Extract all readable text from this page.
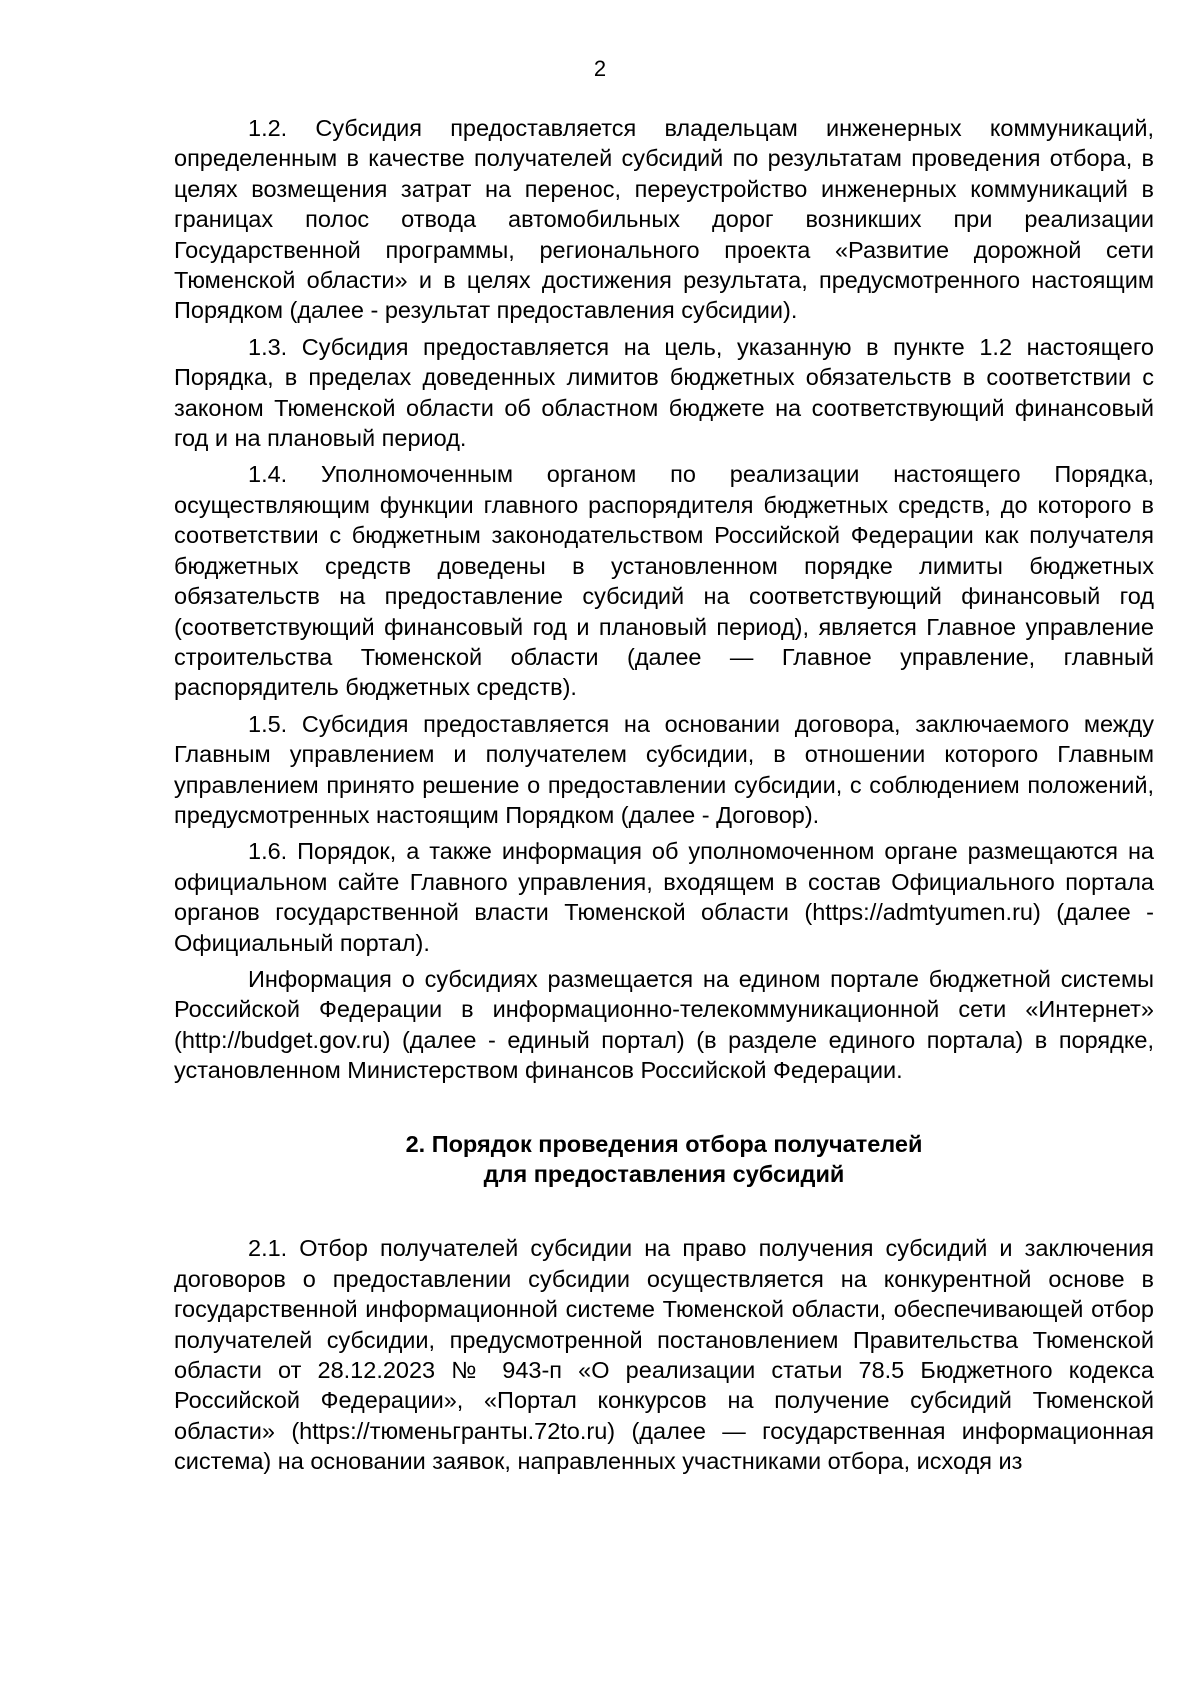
2

1.2. Субсидия предоставляется владельцам инженерных коммуникаций, определенным в качестве получателей субсидий по результатам проведения отбора, в целях возмещения затрат на перенос, переустройство инженерных коммуникаций в границах полос отвода автомобильных дорог возникших при реализации Государственной программы, регионального проекта «Развитие дорожной сети Тюменской области» и в целях достижения результата, предусмотренного настоящим Порядком (далее - результат предоставления субсидии).

1.3. Субсидия предоставляется на цель, указанную в пункте 1.2 настоящего Порядка, в пределах доведенных лимитов бюджетных обязательств в соответствии с законом Тюменской области об областном бюджете на соответствующий финансовый год и на плановый период.

1.4. Уполномоченным органом по реализации настоящего Порядка, осуществляющим функции главного распорядителя бюджетных средств, до которого в соответствии с бюджетным законодательством Российской Федерации как получателя бюджетных средств доведены в установленном порядке лимиты бюджетных обязательств на предоставление субсидий на соответствующий финансовый год (соответствующий финансовый год и плановый период), является Главное управление строительства Тюменской области (далее — Главное управление, главный распорядитель бюджетных средств).

1.5. Субсидия предоставляется на основании договора, заключаемого между Главным управлением и получателем субсидии, в отношении которого Главным управлением принято решение о предоставлении субсидии, с соблюдением положений, предусмотренных настоящим Порядком (далее - Договор).

1.6. Порядок, а также информация об уполномоченном органе размещаются на официальном сайте Главного управления, входящем в состав Официального портала органов государственной власти Тюменской области (https://admtyumen.ru) (далее - Официальный портал).

Информация о субсидиях размещается на едином портале бюджетной системы Российской Федерации в информационно-телекоммуникационной сети «Интернет» (http://budget.gov.ru) (далее - единый портал) (в разделе единого портала) в порядке, установленном Министерством финансов Российской Федерации.

2. Порядок проведения отбора получателей
для предоставления субсидий

2.1. Отбор получателей субсидии на право получения субсидий и заключения договоров о предоставлении субсидии осуществляется на конкурентной основе в государственной информационной системе Тюменской области, обеспечивающей отбор получателей субсидии, предусмотренной постановлением Правительства Тюменской области от 28.12.2023 № 943-п «О реализации статьи 78.5 Бюджетного кодекса Российской Федерации», «Портал конкурсов на получение субсидий Тюменской области» (https://тюменьгранты.72to.ru) (далее — государственная информационная система) на основании заявок, направленных участниками отбора, исходя из
